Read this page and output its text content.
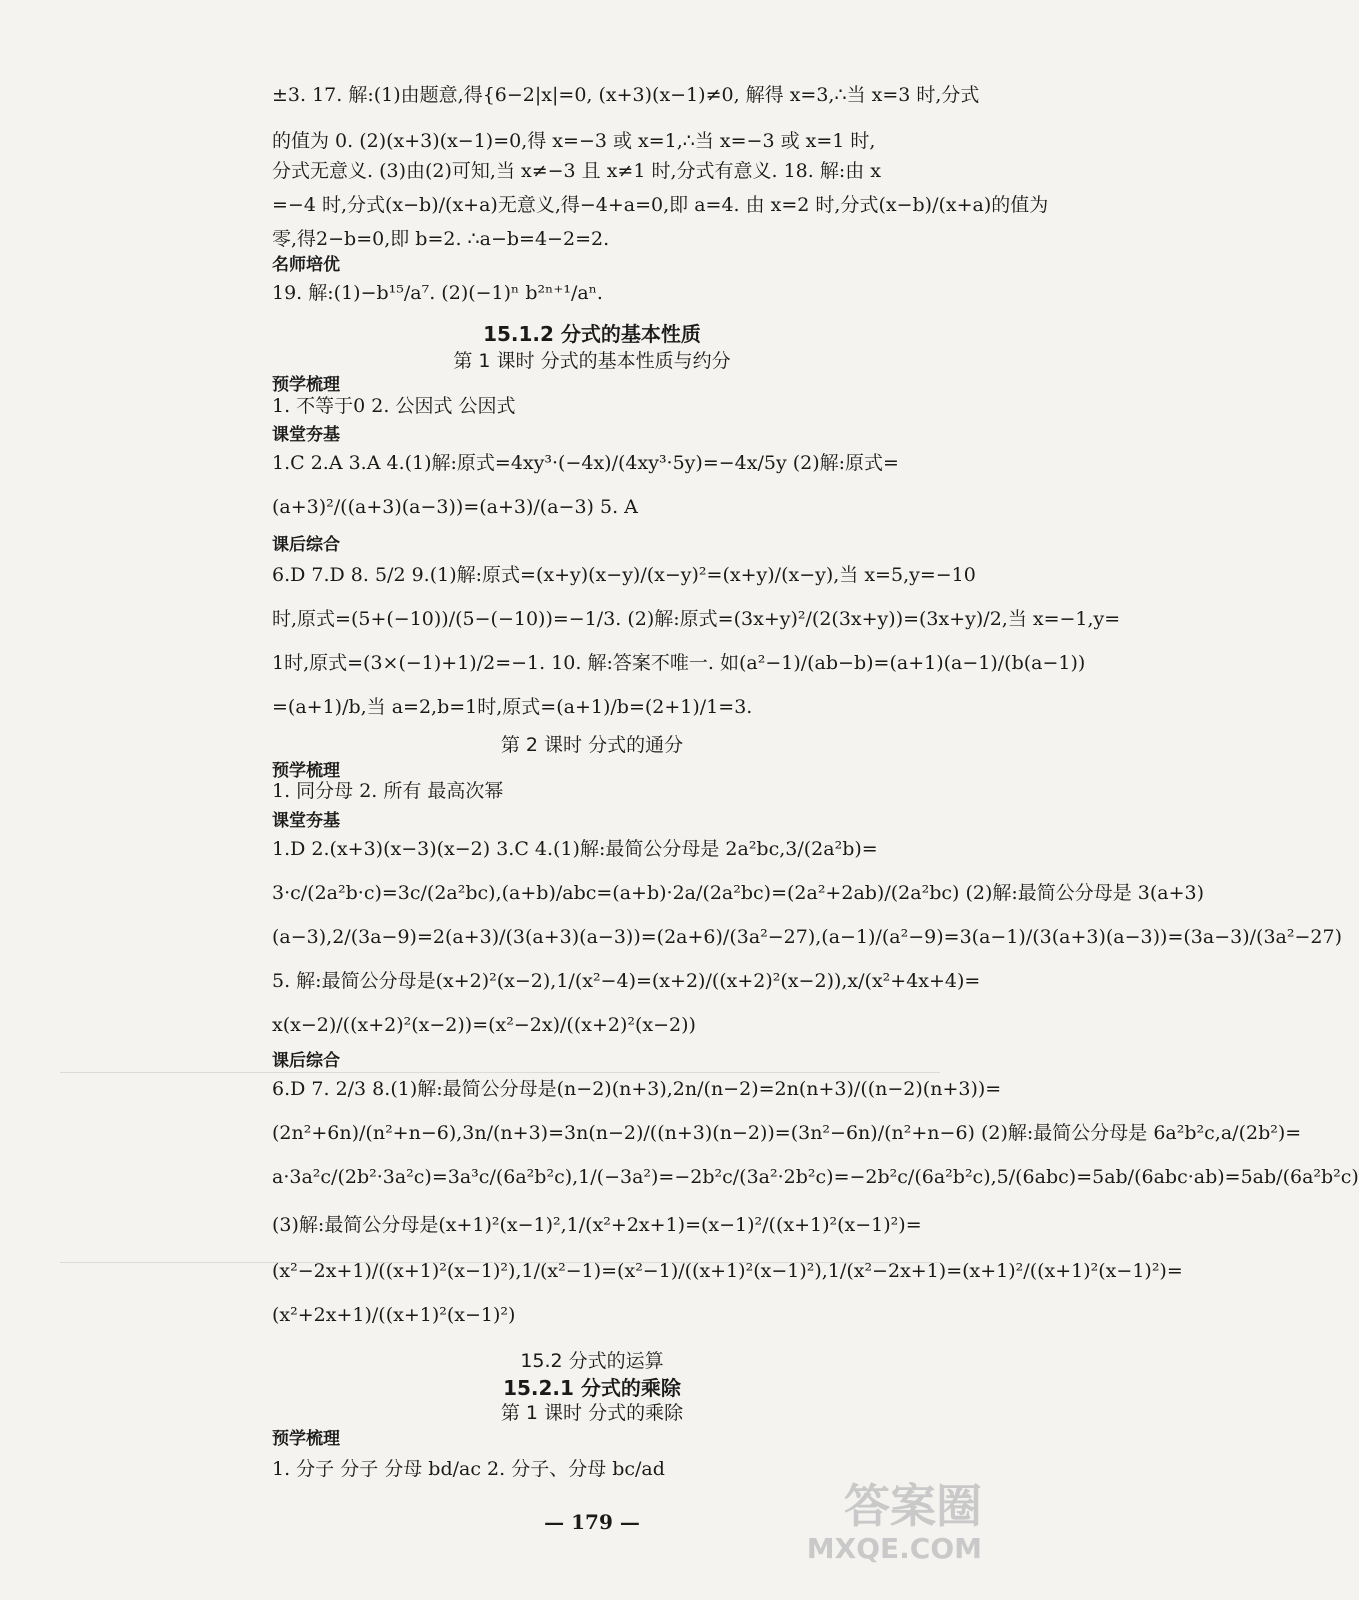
±3. 17. 解:(1)由题意,得{6−2|x|=0, (x+3)(x−1)≠0, 解得 x=3,∴当 x=3 时,分式
的值为 0. (2)(x+3)(x−1)=0,得 x=−3 或 x=1,∴当 x=−3 或 x=1 时,
分式无意义. (3)由(2)可知,当 x≠−3 且 x≠1 时,分式有意义. 18. 解:由 x
=−4 时,分式(x−b)/(x+a)无意义,得−4+a=0,即 a=4. 由 x=2 时,分式(x−b)/(x+a)的值为
零,得2−b=0,即 b=2. ∴a−b=4−2=2.
名师培优
19. 解:(1)−b¹⁵/a⁷. (2)(−1)ⁿ b²ⁿ⁺¹/aⁿ.
15.1.2 分式的基本性质
第 1 课时 分式的基本性质与约分
预学梳理
1. 不等于0 2. 公因式 公因式
课堂夯基
1.C 2.A 3.A 4.(1)解:原式=4xy³·(−4x)/(4xy³·5y)=−4x/5y (2)解:原式=
(a+3)²/((a+3)(a−3))=(a+3)/(a−3) 5. A
课后综合
6.D 7.D 8. 5/2 9.(1)解:原式=(x+y)(x−y)/(x−y)²=(x+y)/(x−y),当 x=5,y=−10
时,原式=(5+(−10))/(5−(−10))=−1/3. (2)解:原式=(3x+y)²/(2(3x+y))=(3x+y)/2,当 x=−1,y=
1时,原式=(3×(−1)+1)/2=−1. 10. 解:答案不唯一. 如(a²−1)/(ab−b)=(a+1)(a−1)/(b(a−1))
=(a+1)/b,当 a=2,b=1时,原式=(a+1)/b=(2+1)/1=3.
第 2 课时 分式的通分
预学梳理
1. 同分母 2. 所有 最高次幂
课堂夯基
1.D 2.(x+3)(x−3)(x−2) 3.C 4.(1)解:最简公分母是 2a²bc,3/(2a²b)=
3·c/(2a²b·c)=3c/(2a²bc),(a+b)/abc=(a+b)·2a/(2a²bc)=(2a²+2ab)/(2a²bc) (2)解:最简公分母是 3(a+3)
(a−3),2/(3a−9)=2(a+3)/(3(a+3)(a−3))=(2a+6)/(3a²−27),(a−1)/(a²−9)=3(a−1)/(3(a+3)(a−3))=(3a−3)/(3a²−27)
5. 解:最简公分母是(x+2)²(x−2),1/(x²−4)=(x+2)/((x+2)²(x−2)),x/(x²+4x+4)=
x(x−2)/((x+2)²(x−2))=(x²−2x)/((x+2)²(x−2))
课后综合
6.D 7. 2/3 8.(1)解:最简公分母是(n−2)(n+3),2n/(n−2)=2n(n+3)/((n−2)(n+3))=
(2n²+6n)/(n²+n−6),3n/(n+3)=3n(n−2)/((n+3)(n−2))=(3n²−6n)/(n²+n−6) (2)解:最简公分母是 6a²b²c,a/(2b²)=
a·3a²c/(2b²·3a²c)=3a³c/(6a²b²c),1/(−3a²)=−2b²c/(3a²·2b²c)=−2b²c/(6a²b²c),5/(6abc)=5ab/(6abc·ab)=5ab/(6a²b²c)
(3)解:最简公分母是(x+1)²(x−1)²,1/(x²+2x+1)=(x−1)²/((x+1)²(x−1)²)=
(x²−2x+1)/((x+1)²(x−1)²),1/(x²−1)=(x²−1)/((x+1)²(x−1)²),1/(x²−2x+1)=(x+1)²/((x+1)²(x−1)²)=
(x²+2x+1)/((x+1)²(x−1)²)
15.2 分式的运算
15.2.1 分式的乘除
第 1 课时 分式的乘除
预学梳理
1. 分子 分子 分母 bd/ac 2. 分子、分母 bc/ad
— 179 —	答案圈
MXQE.COM
